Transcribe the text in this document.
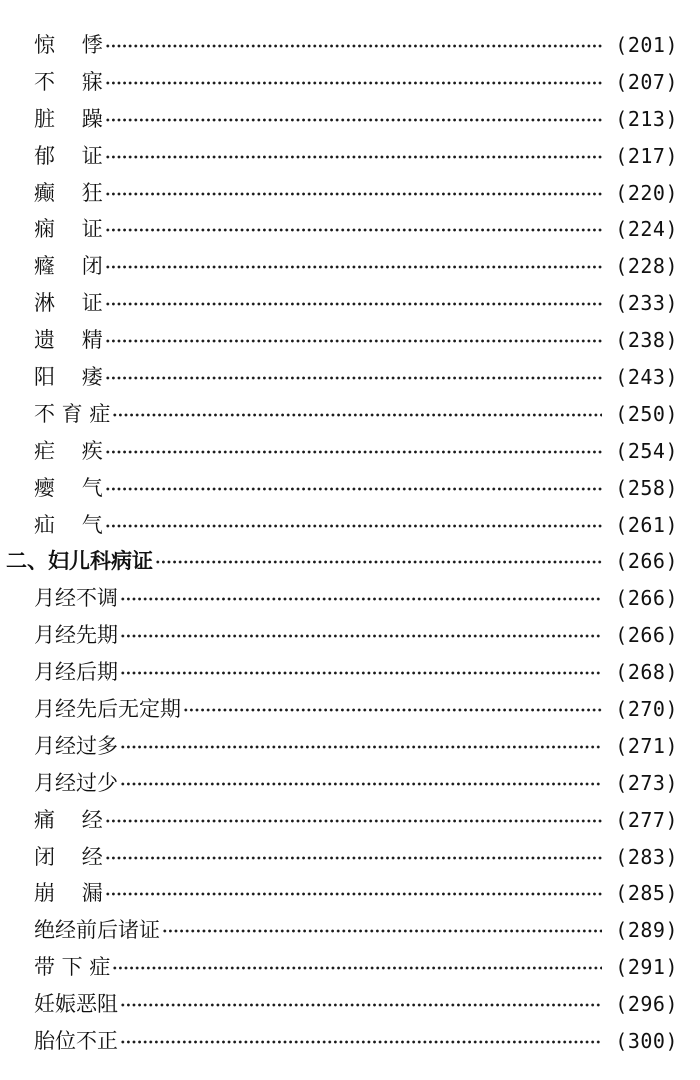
惊    悸	(201)
不    寐	(207)
脏    躁	(213)
郁    证	(217)
癫    狂	(220)
痫    证	(224)
癃    闭	(228)
淋    证	(233)
遗    精	(238)
阳    痿	(243)
不 育 症	(250)
疟    疾	(254)
瘿    气	(258)
疝    气	(261)
二、妇儿科病证	(266)
月经不调	(266)
月经先期	(266)
月经后期	(268)
月经先后无定期	(270)
月经过多	(271)
月经过少	(273)
痛    经	(277)
闭    经	(283)
崩    漏	(285)
绝经前后诸证	(289)
带 下 症	(291)
妊娠恶阻	(296)
胎位不正	(300)
